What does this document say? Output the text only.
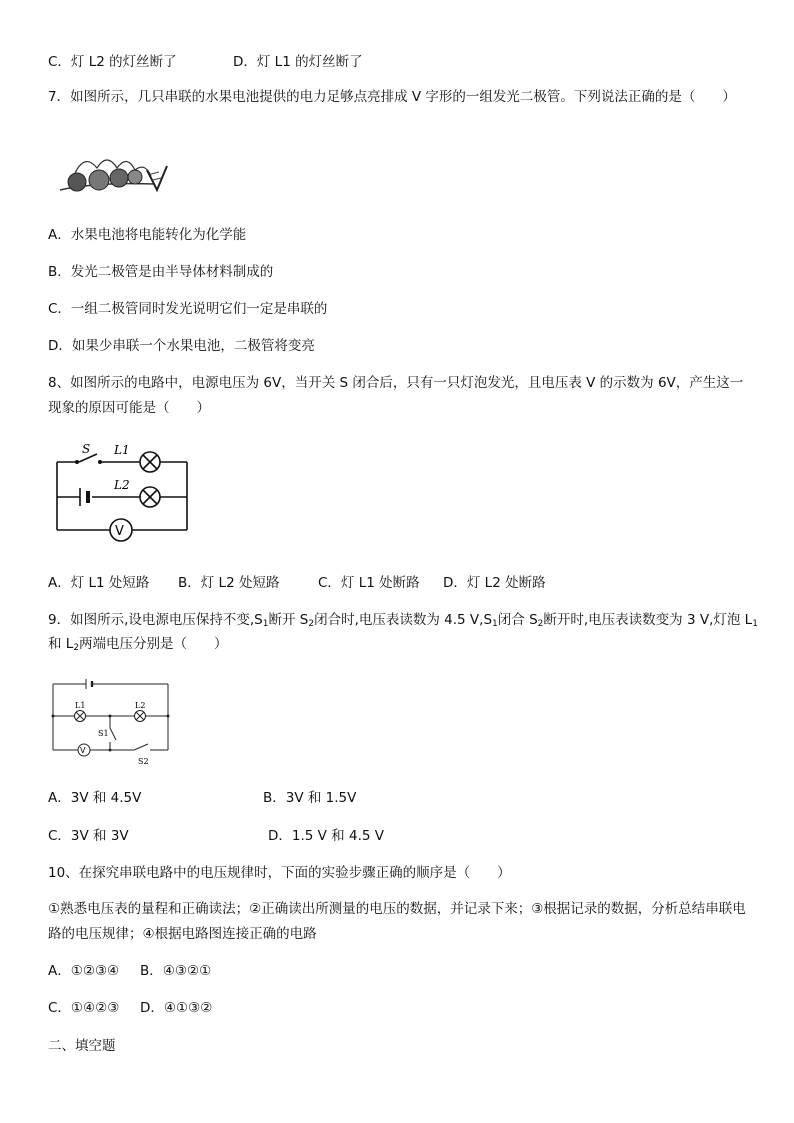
C．灯 L2 的灯丝断了	D．灯 L1 的灯丝断了
7．如图所示，几只串联的水果电池提供的电力足够点亮排成 V 字形的一组发光二极管。下列说法正确的是（　　）
A．水果电池将电能转化为化学能
B．发光二极管是由半导体材料制成的
C．一组二极管同时发光说明它们一定是串联的
D．如果少串联一个水果电池，二极管将变亮
8、如图所示的电路中，电源电压为 6V，当开关 S 闭合后，只有一只灯泡发光，且电压表 V 的示数为 6V，产生这一现象的原因可能是（　　）
S L1
L2
V
A．灯 L1 处短路 B．灯 L2 处短路	C．灯 L1 处断路 D．灯 L2 处断路
9．如图所示,设电源电压保持不变$,S_1$断开 $S_2$闭合时,电压表读数为 4.5 $V,S_1$闭合 $S_2$断开时,电压表读数变为 3 V,灯泡 $L_1$
和 $L_2$两端电压分别是（　　）
L1	L2
S1
S2
V
A．3V 和 4.5V	B．3V 和 1.5V
C．3V 和 3V	D．1.5 V 和 4.5 V
10、在探究串联电路中的电压规律时，下面的实验步骤正确的顺序是（　　）
①熟悉电压表的量程和正确读法；②正确读出所测量的电压的数据，并记录下来；③根据记录的数据，分析总结串联电路的电压规律；④根据电路图连接正确的电路
A．①②③④ B．④③②①
C．①④②③ D．④①③②
二、填空题
